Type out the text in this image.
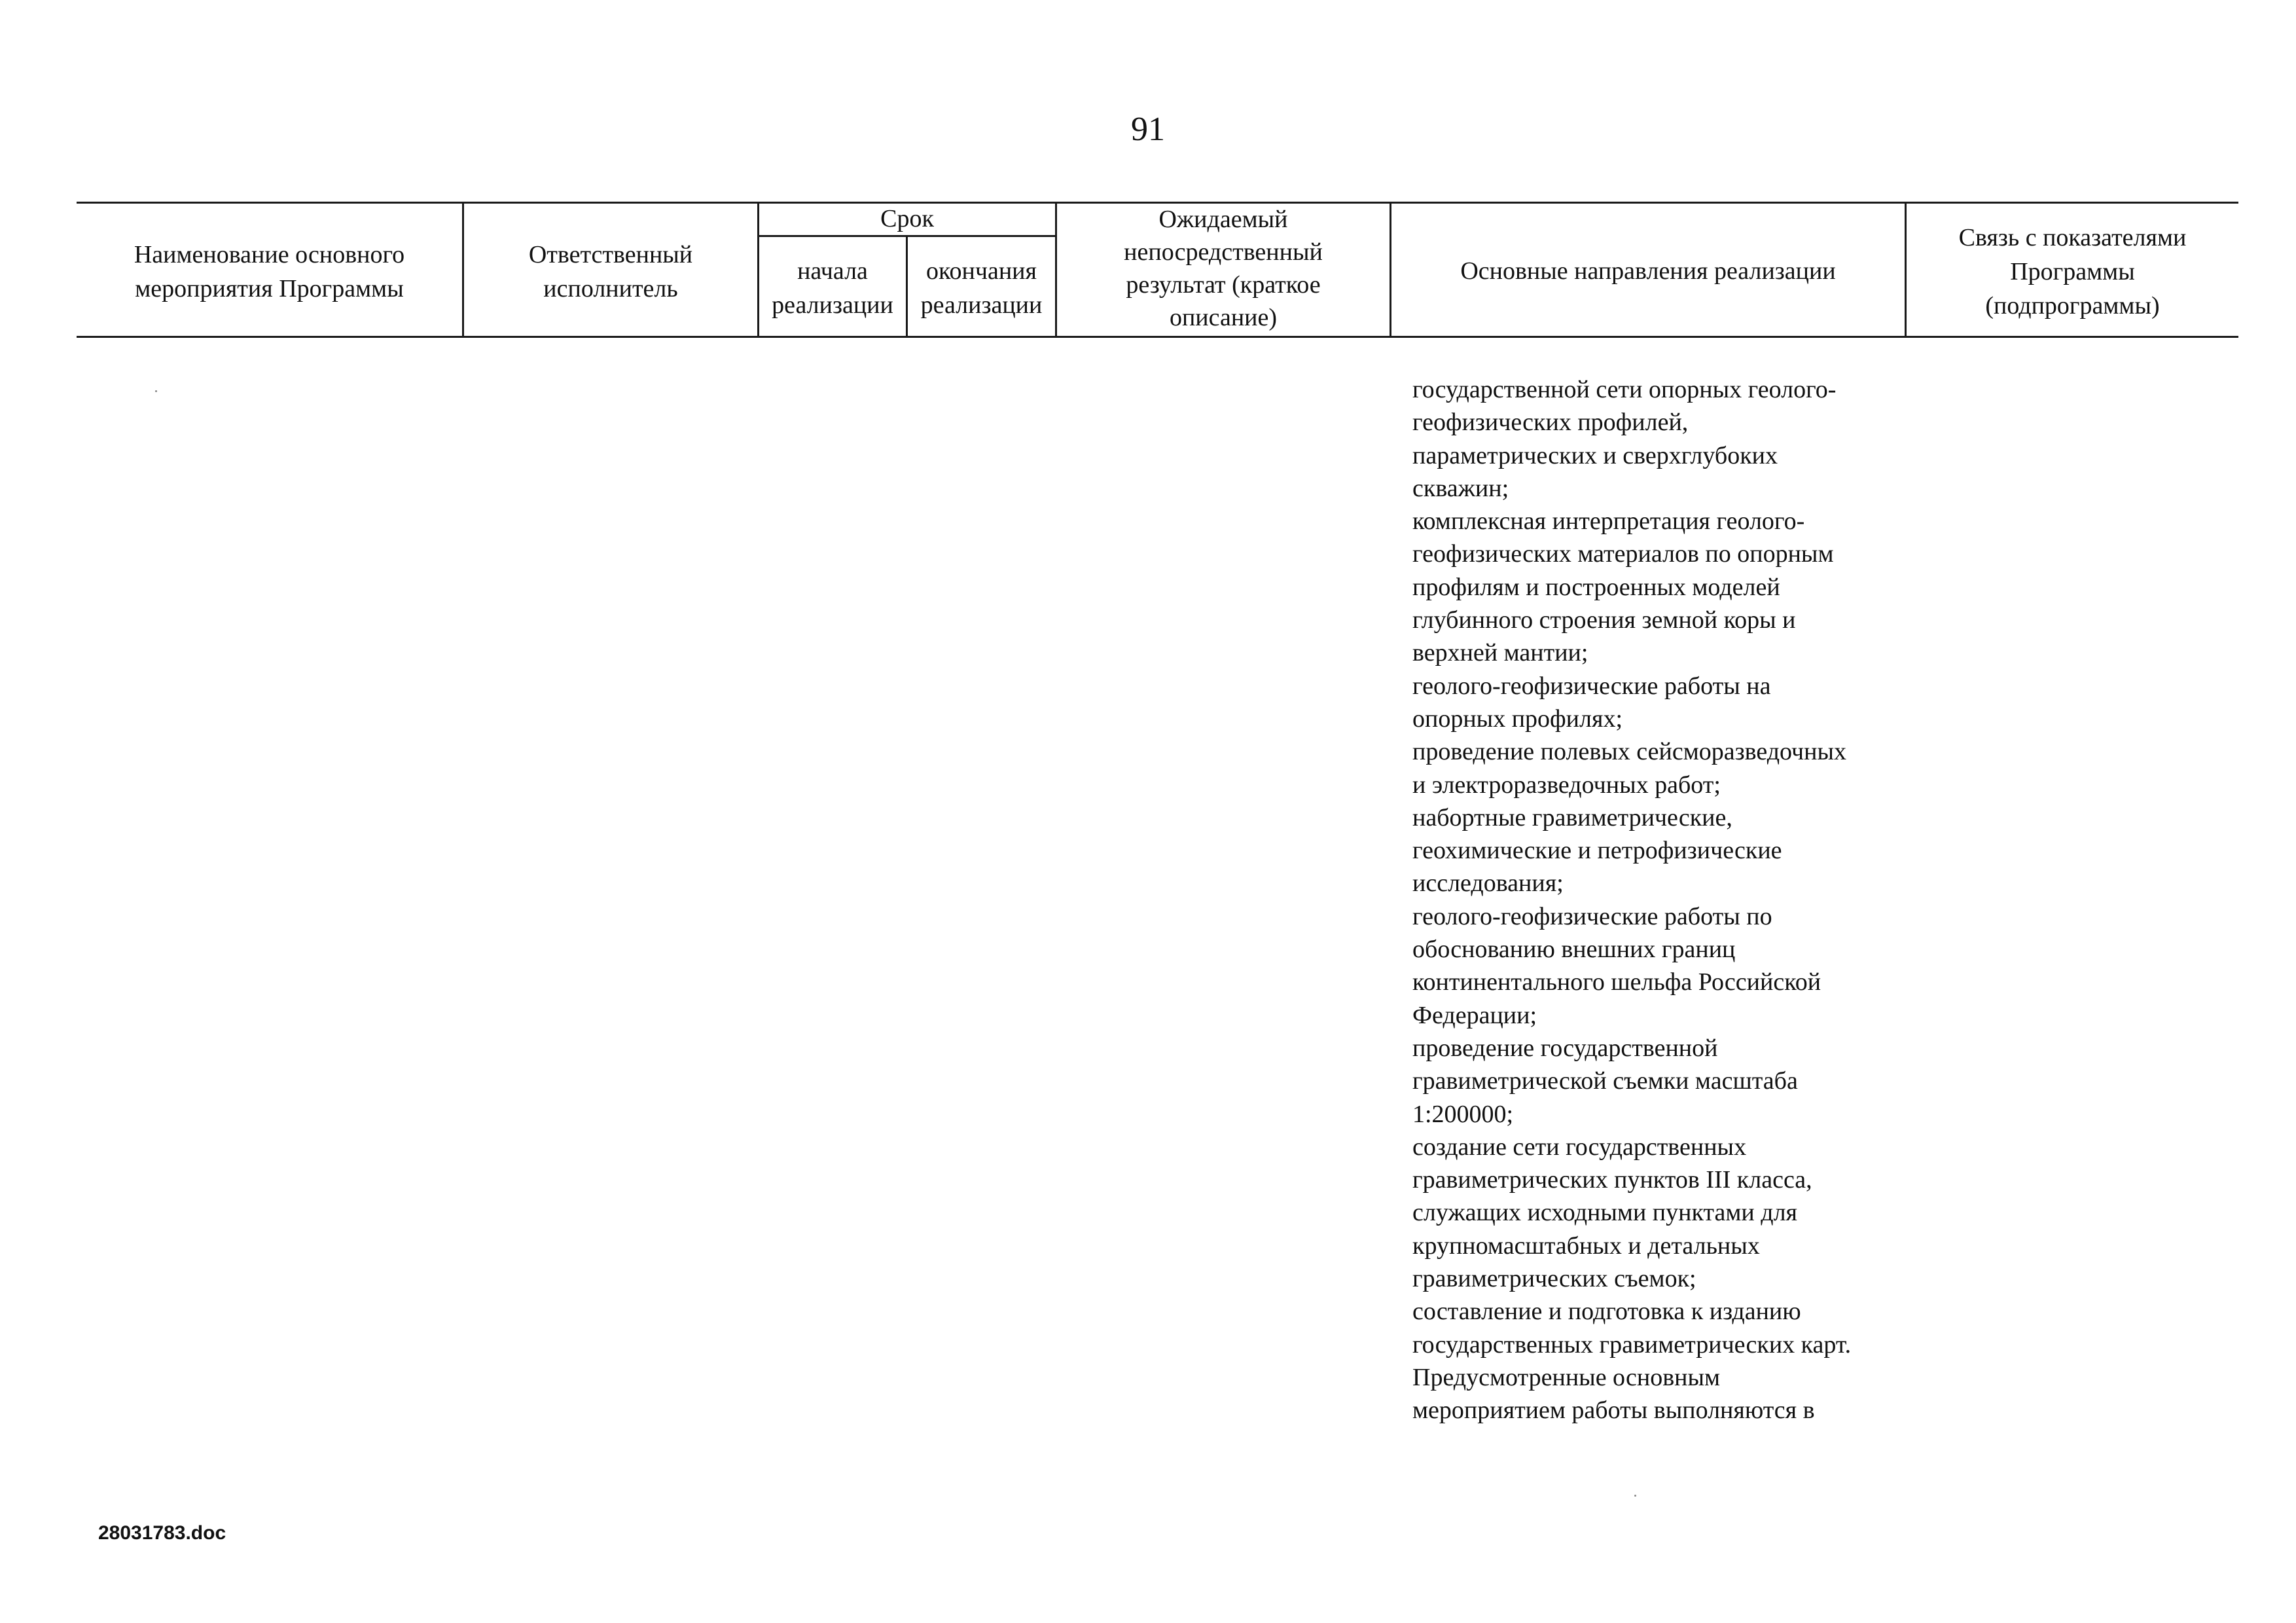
91
Наименование основного
мероприятия Программы
Ответственный
исполнитель
Срок
начала
реализации
окончания
реализации
Ожидаемый
непосредственный
результат (краткое
описание)
Основные направления реализации
Связь с показателями
Программы
(подпрограммы)
государственной сети опорных геолого-
геофизических профилей,
параметрических и сверхглубоких
скважин;
комплексная интерпретация геолого-
геофизических материалов по опорным
профилям и построенных моделей
глубинного строения земной коры и
верхней мантии;
геолого-геофизические работы на
опорных профилях;
проведение полевых сейсморазведочных
и электроразведочных работ;
набортные гравиметрические,
геохимические и петрофизические
исследования;
геолого-геофизические работы по
обоснованию внешних границ
континентального шельфа Российской
Федерации;
проведение государственной
гравиметрической съемки масштаба
1:200000;
создание сети государственных
гравиметрических пунктов III класса,
служащих исходными пунктами для
крупномасштабных и детальных
гравиметрических съемок;
составление и подготовка к изданию
государственных гравиметрических карт.
Предусмотренные основным
мероприятием работы выполняются в
28031783.doc
